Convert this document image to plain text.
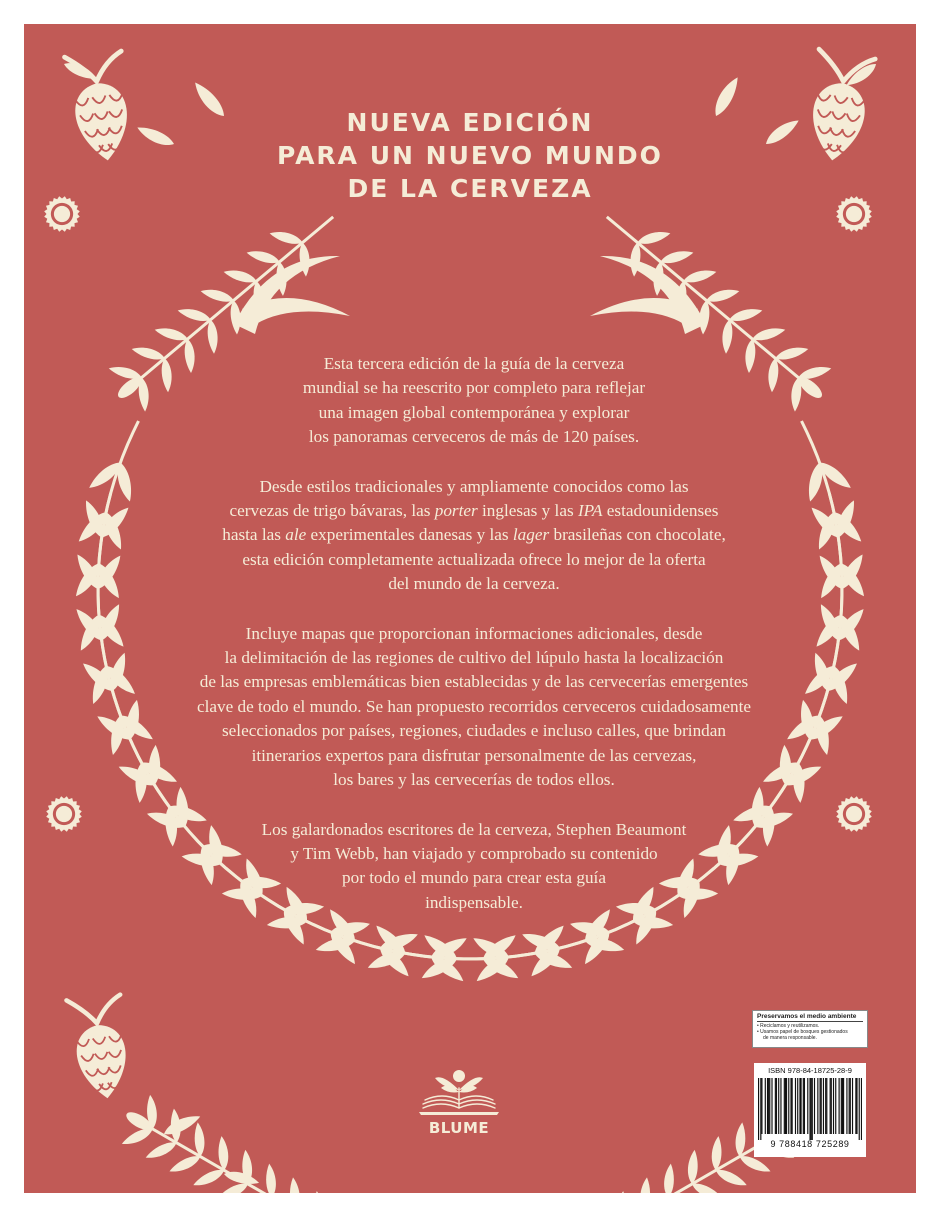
NUEVA EDICIÓN
PARA UN NUEVO MUNDO
DE LA CERVEZA

Esta tercera edición de la guía de la cerveza
mundial se ha reescrito por completo para reflejar
una imagen global contemporánea y explorar
los panoramas cerveceros de más de 120 países.

Desde estilos tradicionales y ampliamente conocidos como las
cervezas de trigo bávaras, las porter inglesas y las IPA estadounidenses
hasta las ale experimentales danesas y las lager brasileñas con chocolate,
esta edición completamente actualizada ofrece lo mejor de la oferta
del mundo de la cerveza.

Incluye mapas que proporcionan informaciones adicionales, desde
la delimitación de las regiones de cultivo del lúpulo hasta la localización
de las empresas emblemáticas bien establecidas y de las cervecerías emergentes
clave de todo el mundo. Se han propuesto recorridos cerveceros cuidadosamente
seleccionados por países, regiones, ciudades e incluso calles, que brindan
itinerarios expertos para disfrutar personalmente de las cervezas,
los bares y las cervecerías de todos ellos.

Los galardonados escritores de la cerveza, Stephen Beaumont
y Tim Webb, han viajado y comprobado su contenido
por todo el mundo para crear esta guía
indispensable.

BLUME
Preservamos el medio ambiente
• Reciclamos y reutilizamos.
• Usamos papel de bosques gestionados
de manera responsable.
ISBN 978-84-18725-28-9
9 788418 725289
